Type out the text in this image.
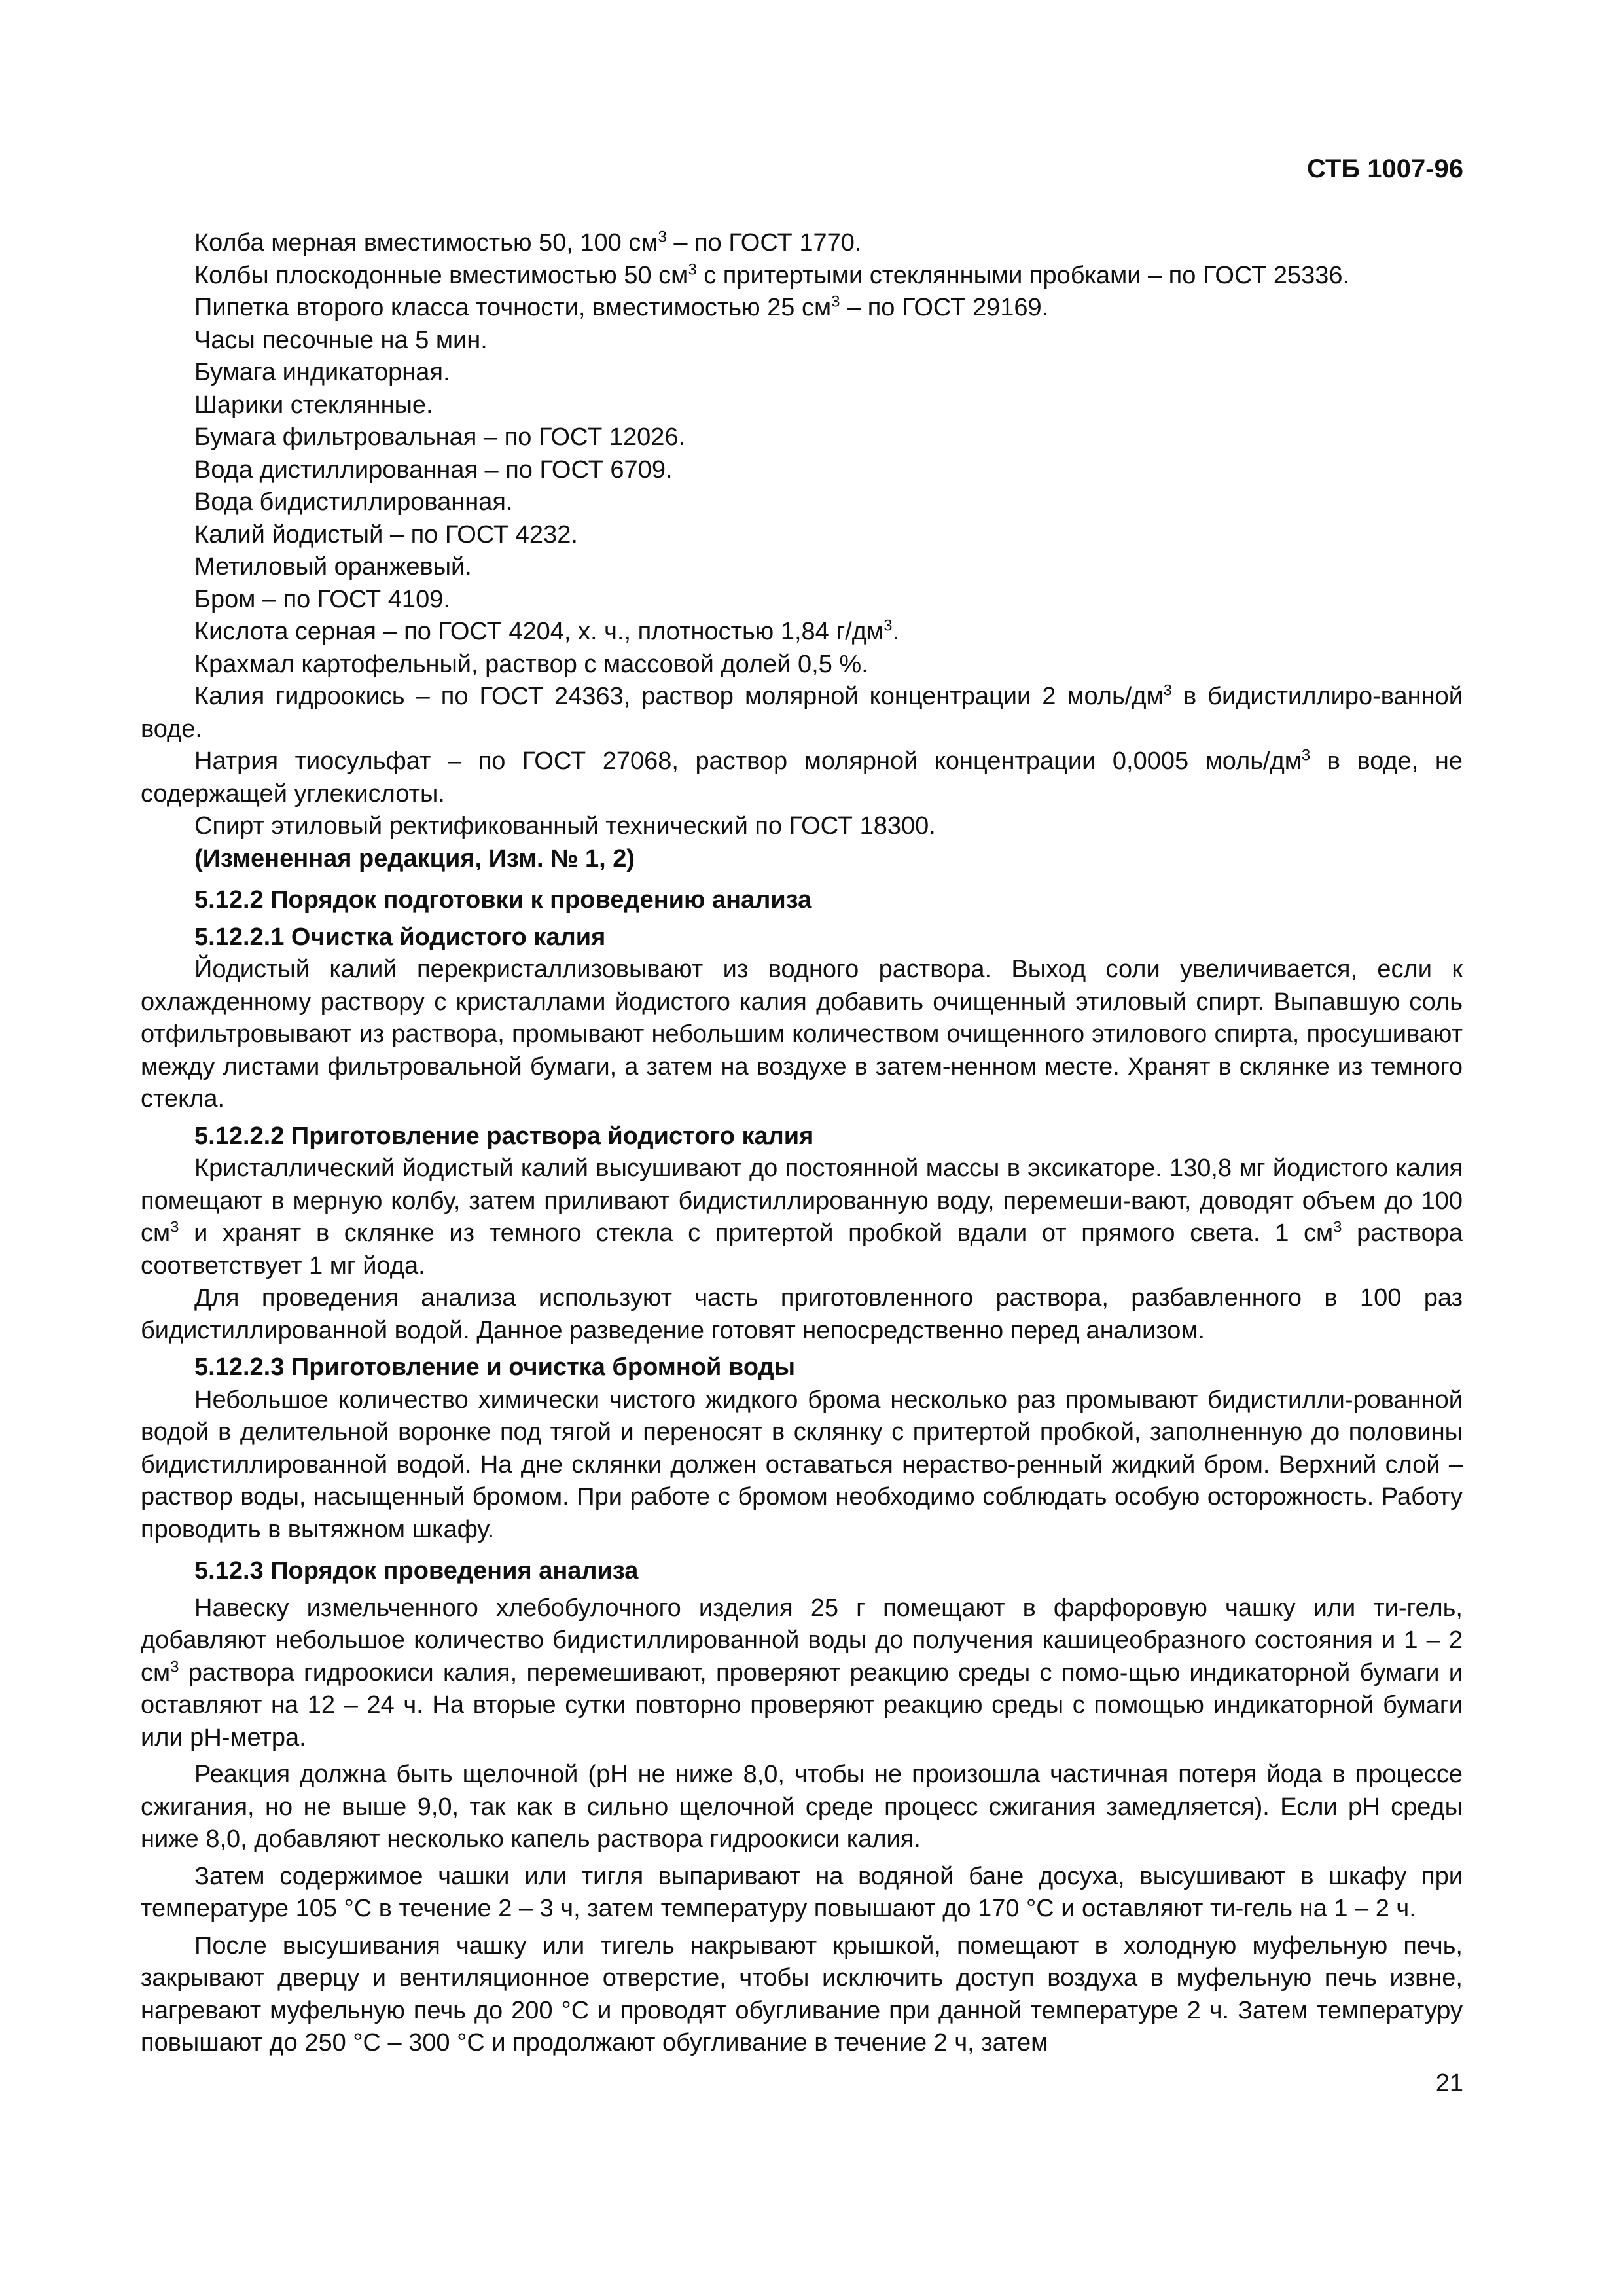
СТБ 1007-96

Колба мерная вместимостью 50, 100 $см^3$ – по ГОСТ 1770.

Колбы плоскодонные вместимостью 50 $см^3$ с притертыми стеклянными пробками – по ГОСТ 25336.

Пипетка второго класса точности, вместимостью 25 $см^3$ – по ГОСТ 29169.

Часы песочные на 5 мин.

Бумага индикаторная.

Шарики стеклянные.

Бумага фильтровальная – по ГОСТ 12026.

Вода дистиллированная – по ГОСТ 6709.

Вода бидистиллированная.

Калий йодистый – по ГОСТ 4232.

Метиловый оранжевый.

Бром – по ГОСТ 4109.

Кислота серная – по ГОСТ 4204, х. ч., плотностью 1,84 $г/дм^3$.

Крахмал картофельный, раствор с массовой долей 0,5 %.

Калия гидроокись – по ГОСТ 24363, раствор молярной концентрации 2 моль/$дм^3$ в бидистиллиро-ванной воде.

Натрия тиосульфат – по ГОСТ 27068, раствор молярной концентрации 0,0005 моль/$дм^3$ в воде, не содержащей углекислоты.

Спирт этиловый ректификованный технический по ГОСТ 18300.

(Измененная редакция, Изм. № 1, 2)

5.12.2 Порядок подготовки к проведению анализа

5.12.2.1 Очистка йодистого калия

Йодистый калий перекристаллизовывают из водного раствора. Выход соли увеличивается, если к охлажденному раствору с кристаллами йодистого калия добавить очищенный этиловый спирт. Выпавшую соль отфильтровывают из раствора, промывают небольшим количеством очищенного этилового спирта, просушивают между листами фильтровальной бумаги, а затем на воздухе в затем-ненном месте. Хранят в склянке из темного стекла.

5.12.2.2 Приготовление раствора йодистого калия

Кристаллический йодистый калий высушивают до постоянной массы в эксикаторе. 130,8 мг йодистого калия помещают в мерную колбу, затем приливают бидистиллированную воду, перемеши-вают, доводят объем до 100 $см^3$ и хранят в склянке из темного стекла с притертой пробкой вдали от прямого света. 1 $см^3$ раствора соответствует 1 мг йода.

Для проведения анализа используют часть приготовленного раствора, разбавленного в 100 раз бидистиллированной водой. Данное разведение готовят непосредственно перед анализом.

5.12.2.3 Приготовление и очистка бромной воды

Небольшое количество химически чистого жидкого брома несколько раз промывают бидистилли-рованной водой в делительной воронке под тягой и переносят в склянку с притертой пробкой, заполненную до половины бидистиллированной водой. На дне склянки должен оставаться нераство-ренный жидкий бром. Верхний слой – раствор воды, насыщенный бромом. При работе с бромом необходимо соблюдать особую осторожность. Работу проводить в вытяжном шкафу.

5.12.3 Порядок проведения анализа

Навеску измельченного хлебобулочного изделия 25 г помещают в фарфоровую чашку или ти-гель, добавляют небольшое количество бидистиллированной воды до получения кашицеобразного состояния и 1 – 2 $см^3$ раствора гидроокиси калия, перемешивают, проверяют реакцию среды с помо-щью индикаторной бумаги и оставляют на 12 – 24 ч. На вторые сутки повторно проверяют реакцию среды с помощью индикаторной бумаги или рН-метра.

Реакция должна быть щелочной (рН не ниже 8,0, чтобы не произошла частичная потеря йода в процессе сжигания, но не выше 9,0, так как в сильно щелочной среде процесс сжигания замедляется). Если рН среды ниже 8,0, добавляют несколько капель раствора гидроокиси калия.

Затем содержимое чашки или тигля выпаривают на водяной бане досуха, высушивают в шкафу при температуре 105 °С в течение 2 – 3 ч, затем температуру повышают до 170 °С и оставляют ти-гель на 1 – 2 ч.

После высушивания чашку или тигель накрывают крышкой, помещают в холодную муфельную печь, закрывают дверцу и вентиляционное отверстие, чтобы исключить доступ воздуха в муфельную печь извне, нагревают муфельную печь до 200 °С и проводят обугливание при данной температуре 2 ч. Затем температуру повышают до 250 °С – 300 °С и продолжают обугливание в течение 2 ч, затем

21
